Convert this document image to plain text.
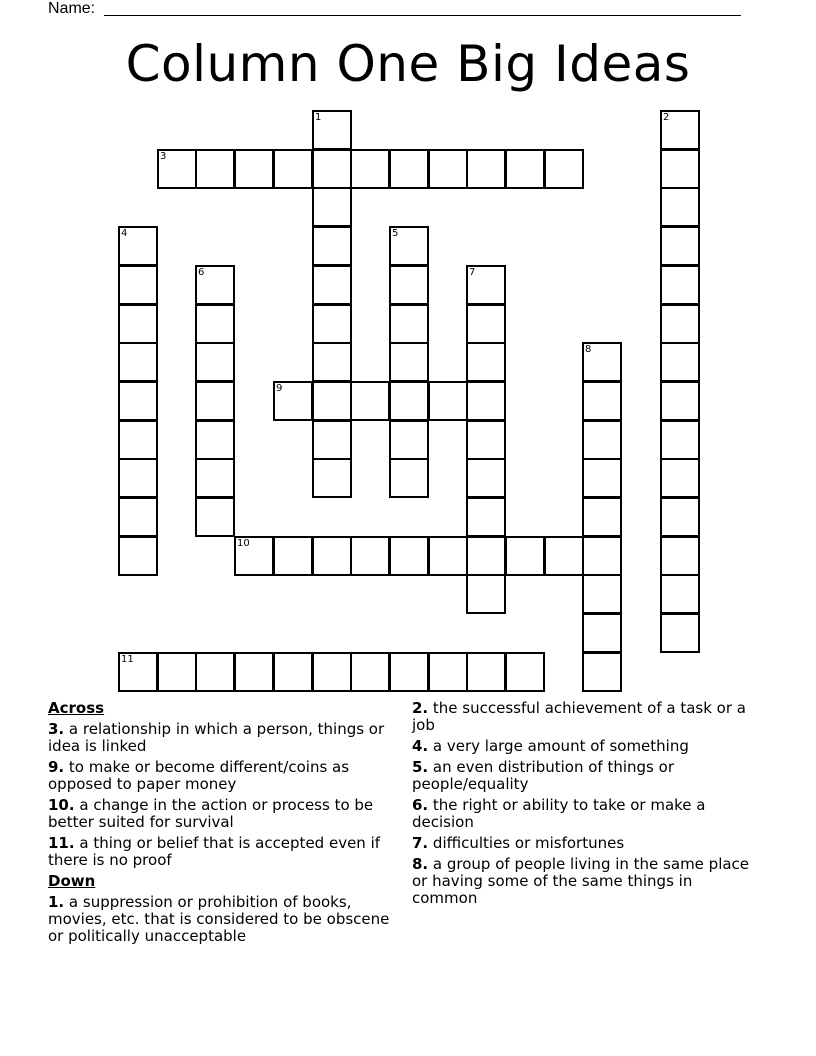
Name:
Column One Big Ideas
1	2
3
4	5
6	7
8
9
10
11
Across
3. a relationship in which a person, things or idea is linked
9. to make or become different/coins as opposed to paper money
10. a change in the action or process to be better suited for survival
11. a thing or belief that is accepted even if there is no proof
Down
1. a suppression or prohibition of books, movies, etc. that is considered to be obscene or politically unacceptable
2. the successful achievement of a task or a job
4. a very large amount of something
5. an even distribution of things or people/equality
6. the right or ability to take or make a decision
7. difficulties or misfortunes
8. a group of people living in the same place or having some of the same things in common
